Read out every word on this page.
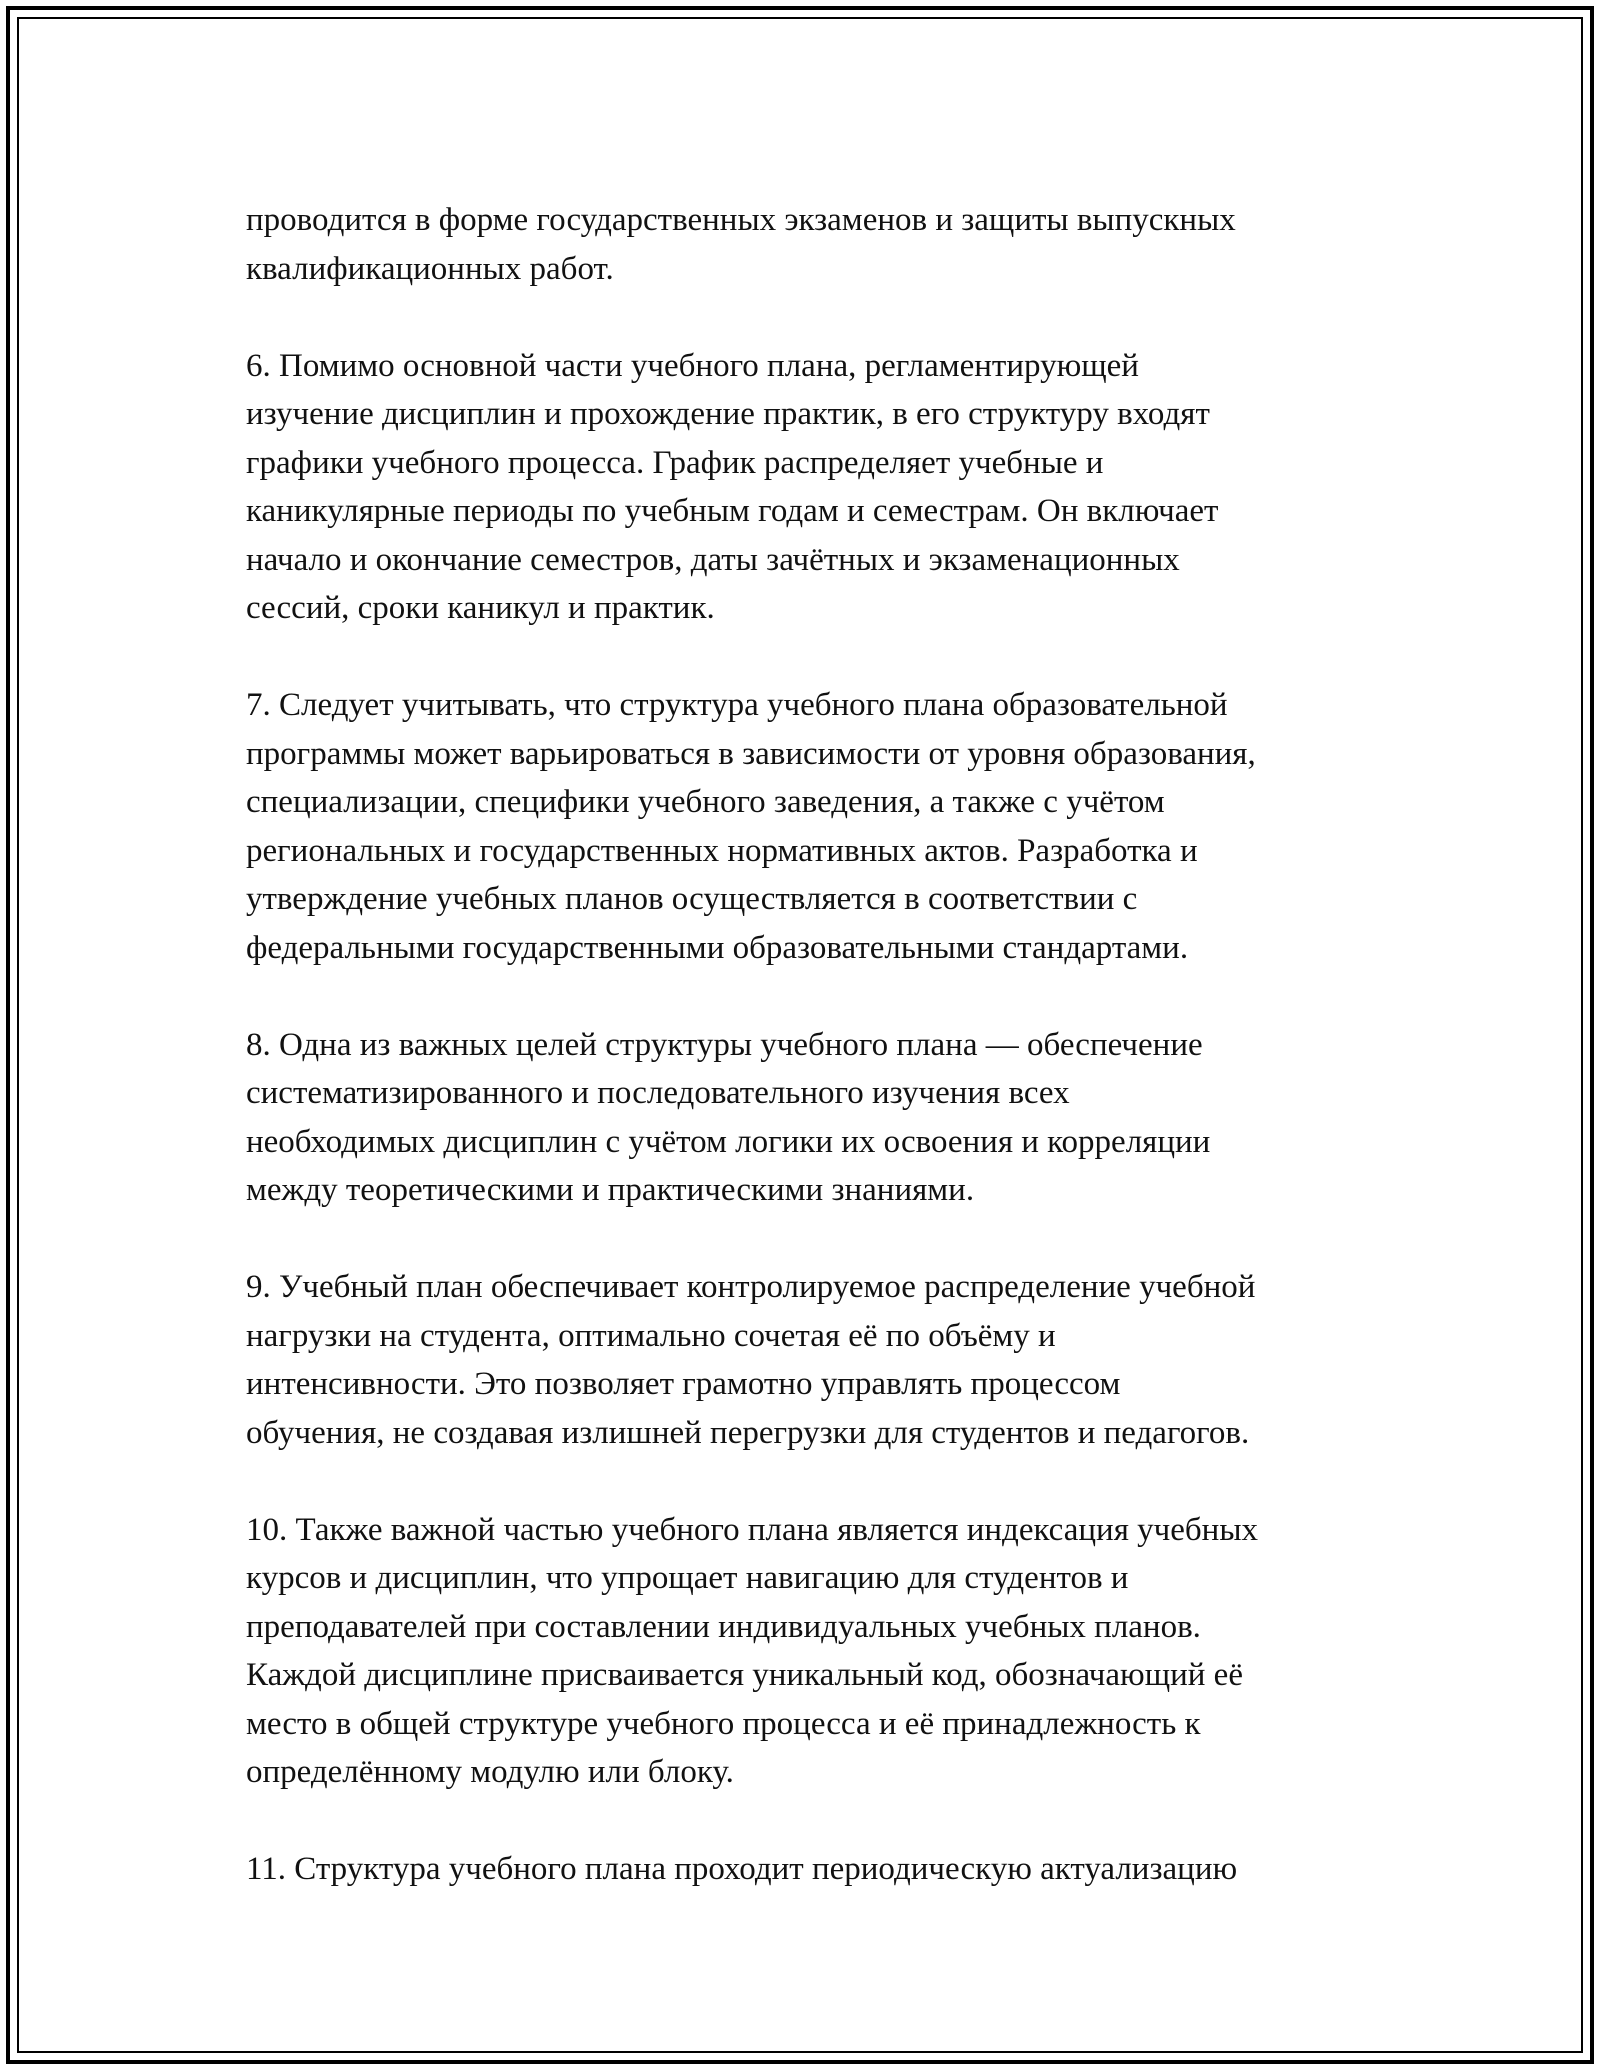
проводится в форме государственных экзаменов и защиты выпускных
квалификационных работ.

6. Помимо основной части учебного плана, регламентирующей
изучение дисциплин и прохождение практик, в его структуру входят
графики учебного процесса. График распределяет учебные и
каникулярные периоды по учебным годам и семестрам. Он включает
начало и окончание семестров, даты зачётных и экзаменационных
сессий, сроки каникул и практик.

7. Следует учитывать, что структура учебного плана образовательной
программы может варьироваться в зависимости от уровня образования,
специализации, специфики учебного заведения, а также с учётом
региональных и государственных нормативных актов. Разработка и
утверждение учебных планов осуществляется в соответствии с
федеральными государственными образовательными стандартами.

8. Одна из важных целей структуры учебного плана — обеспечение
систематизированного и последовательного изучения всех
необходимых дисциплин с учётом логики их освоения и корреляции
между теоретическими и практическими знаниями.

9. Учебный план обеспечивает контролируемое распределение учебной
нагрузки на студента, оптимально сочетая её по объёму и
интенсивности. Это позволяет грамотно управлять процессом
обучения, не создавая излишней перегрузки для студентов и педагогов.

10. Также важной частью учебного плана является индексация учебных
курсов и дисциплин, что упрощает навигацию для студентов и
преподавателей при составлении индивидуальных учебных планов.
Каждой дисциплине присваивается уникальный код, обозначающий её
место в общей структуре учебного процесса и её принадлежность к
определённому модулю или блоку.

11. Структура учебного плана проходит периодическую актуализацию
